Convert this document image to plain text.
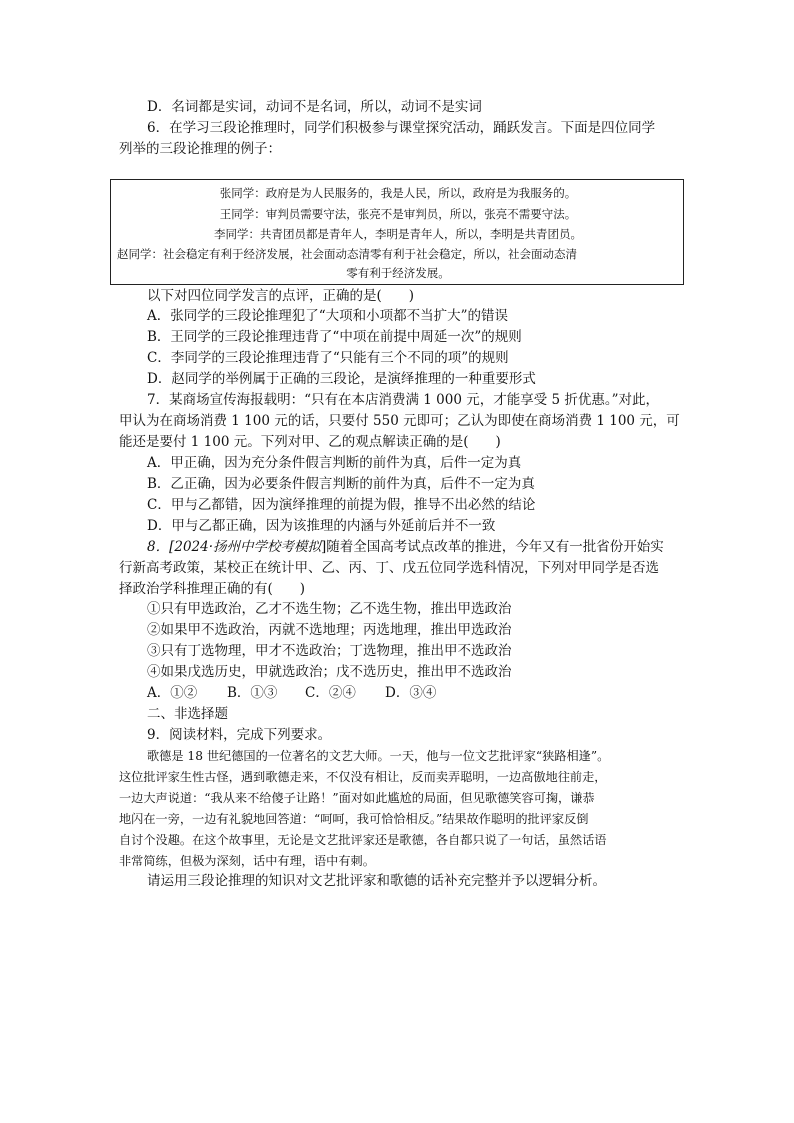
D．名词都是实词，动词不是名词，所以，动词不是实词
6．在学习三段论推理时，同学们积极参与课堂探究活动，踊跃发言。下面是四位同学
列举的三段论推理的例子：
张同学：政府是为人民服务的，我是人民，所以，政府是为我服务的。
王同学：审判员需要守法，张亮不是审判员，所以，张亮不需要守法。
李同学：共青团员都是青年人，李明是青年人，所以，李明是共青团员。
赵同学：社会稳定有利于经济发展，社会面动态清零有利于社会稳定，所以，社会面动态清
零有利于经济发展。
以下对四位同学发言的点评，正确的是(　　)
A．张同学的三段论推理犯了“大项和小项都不当扩大”的错误
B．王同学的三段论推理违背了“中项在前提中周延一次”的规则
C．李同学的三段论推理违背了“只能有三个不同的项”的规则
D．赵同学的举例属于正确的三段论，是演绎推理的一种重要形式
7．某商场宣传海报载明：“只有在本店消费满 1 000 元，才能享受 5 折优惠。”对此，
甲认为在商场消费 1 100 元的话，只要付 550 元即可；乙认为即使在商场消费 1 100 元，可
能还是要付 1 100 元。下列对甲、乙的观点解读正确的是(　　)
A．甲正确，因为充分条件假言判断的前件为真，后件一定为真
B．乙正确，因为必要条件假言判断的前件为真，后件不一定为真
C．甲与乙都错，因为演绎推理的前提为假，推导不出必然的结论
D．甲与乙都正确，因为该推理的内涵与外延前后并不一致
8．[2024·扬州中学校考模拟]随着全国高考试点改革的推进，今年又有一批省份开始实
行新高考政策，某校正在统计甲、乙、丙、丁、戊五位同学选科情况，下列对甲同学是否选
择政治学科推理正确的有(　　)
①只有甲选政治，乙才不选生物；乙不选生物，推出甲选政治
②如果甲不选政治，丙就不选地理；丙选地理，推出甲选政治
③只有丁选物理，甲才不选政治；丁选物理，推出甲不选政治
④如果戊选历史，甲就选政治；戊不选历史，推出甲不选政治
A．①② B．①③ C．②④ D．③④
二、非选择题
9．阅读材料，完成下列要求。
歌德是 18 世纪德国的一位著名的文艺大师。一天，他与一位文艺批评家“狭路相逢”。
这位批评家生性古怪，遇到歌德走来，不仅没有相让，反而卖弄聪明，一边高傲地往前走，
一边大声说道：“我从来不给傻子让路！”面对如此尴尬的局面，但见歌德笑容可掬，谦恭
地闪在一旁，一边有礼貌地回答道：“呵呵，我可恰恰相反。”结果故作聪明的批评家反倒
自讨个没趣。在这个故事里，无论是文艺批评家还是歌德，各自都只说了一句话，虽然话语
非常简练，但极为深刻，话中有理，语中有刺。
请运用三段论推理的知识对文艺批评家和歌德的话补充完整并予以逻辑分析。
